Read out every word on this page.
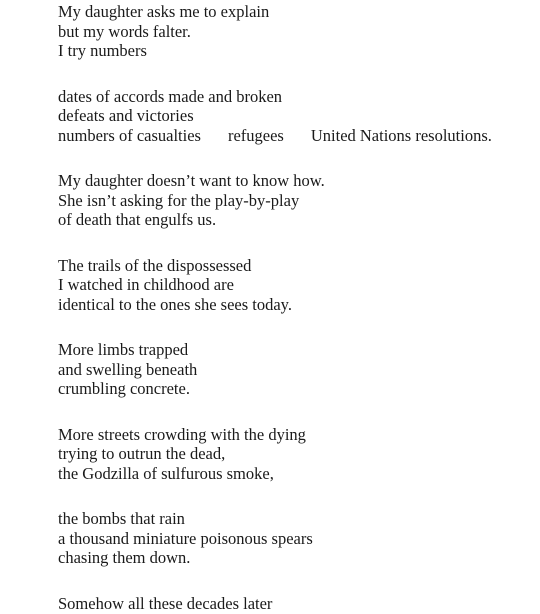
My daughter asks me to explain
but my words falter.
I try numbers
dates of accords made and broken
defeats and victories
numbers of casualties refugees United Nations resolutions.
My daughter doesn’t want to know how.
She isn’t asking for the play-by-play
of death that engulfs us.
The trails of the dispossessed
I watched in childhood are
identical to the ones she sees today.
More limbs trapped
and swelling beneath
crumbling concrete.
More streets crowding with the dying
trying to outrun the dead,
the Godzilla of sulfurous smoke,
the bombs that rain
a thousand miniature poisonous spears
chasing them down.
Somehow all these decades later
